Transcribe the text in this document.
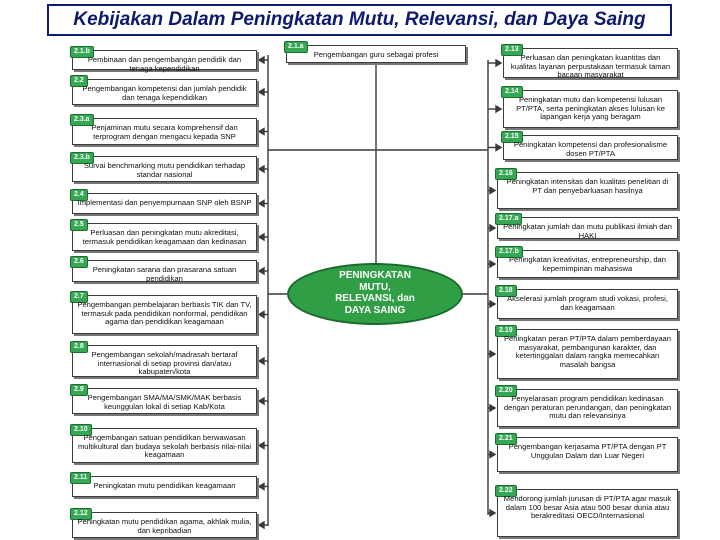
Kebijakan Dalam Peningkatan Mutu, Relevansi, dan Daya Saing
2.1.b
Pembinaan dan pengembangan pendidik dan tenaga kependidikan
2.2
Pengembangan kompetensi dan jumlah pendidik dan tenaga kependidikan
2.3.a
Penjaminan mutu secara komprehensif dan terprogram dengan mengacu kepada SNP
2.3.b
Survai benchmarking mutu pendidikan terhadap standar nasional
2.4
Implementasi dan penyempurnaan SNP oleh BSNP
2.5
Perluasan dan peningkatan mutu akreditasi, termasuk pendidikan keagamaan dan kedinasan
2.6
Peningkatan sarana dan prasarana satuan pendidikan
2.7
Pengembangan pembelajaran berbasis TIK dan TV, termasuk pada pendidikan nonformal, pendidikan agama dan pendidikan keagamaan
2.8
Pengembangan sekolah/madrasah bertaraf internasional di setiap provinsi dan/atau kabupaten/kota
2.9
Pengembangan SMA/MA/SMK/MAK berbasis keunggulan lokal di setiap Kab/Kota
2.10
Pengembangan satuan pendidikan berwawasan multikultural dan budaya sekolah berbasis nilai-nilai keagamaan
2.11
Peningkatan mutu pendidikan keagamaan
2.12
Peningkatan mutu pendidikan agama, akhlak mulia, dan kepribadian
2.1.a
Pengembangan guru sebagai profesi
2.13
Perluasan dan peningkatan kuantitas dan kualitas layanan perpustakaan termasuk taman bacaan masyarakat
2.14
Peningkatan mutu dan kompetensi lulusan PT/PTA, serta peningkatan akses lulusan ke lapangan kerja yang beragam
2.15
Peningkatan kompetensi dan profesionalisme dosen PT/PTA
2.16
Peningkatan intensitas dan kualitas penelitian di PT dan penyebarluasan hasilnya
2.17.a
Peningkatan jumlah dan mutu publikasi ilmiah dan HAKI
2.17.b
Peningkatan kreativitas, entrepreneurship, dan kepemimpinan mahasiswa
2.18
Akselerasi jumlah program studi vokasi, profesi, dan keagamaan
2.19
Peningkatan peran PT/PTA dalam pemberdayaan masyarakat, pembangunan karakter, dan ketertinggalan dalam rangka memecahkan masalah bangsa
2.20
Penyelarasan program pendidikan kedinasan dengan peraturan perundangan, dan peningkatan mutu dan relevansinya
2.21
Pengembangan kerjasama PT/PTA dengan PT Unggulan Dalam dan Luar Negeri
2.22
Mendorong jumlah jurusan di PT/PTA agar masuk dalam 100 besar Asia atau 500 besar dunia atau berakreditasi OECD/Internasional
PENINGKATAN
MUTU,
RELEVANSI, dan
DAYA SAING
